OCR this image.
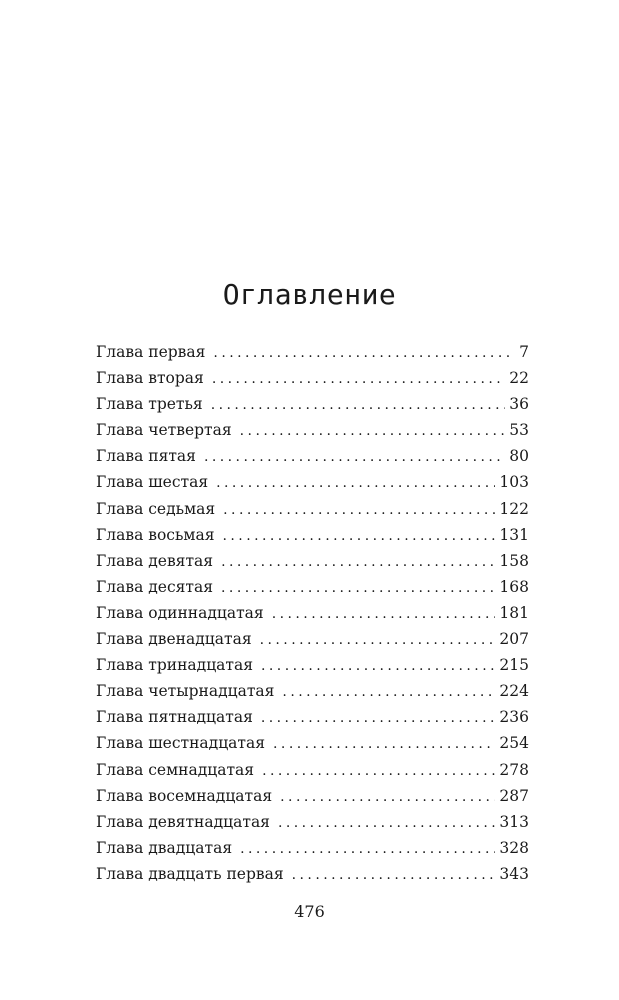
Оглавление
Глава первая . . .	7
Глава вторая . . .	22
Глава третья . . .	36
Глава четвертая . . .	53
Глава пятая . . .	80
Глава шестая . . .	103
Глава седьмая . . .	122
Глава восьмая . . .	131
Глава девятая . . .	158
Глава десятая . . .	168
Глава одиннадцатая . . .	181
Глава двенадцатая . . .	207
Глава тринадцатая . . .	215
Глава четырнадцатая . . .	224
Глава пятнадцатая . . .	236
Глава шестнадцатая . . .	254
Глава семнадцатая . . .	278
Глава восемнадцатая . . .	287
Глава девятнадцатая . . .	313
Глава двадцатая . . .	328
Глава двадцать первая . . .	343
476
